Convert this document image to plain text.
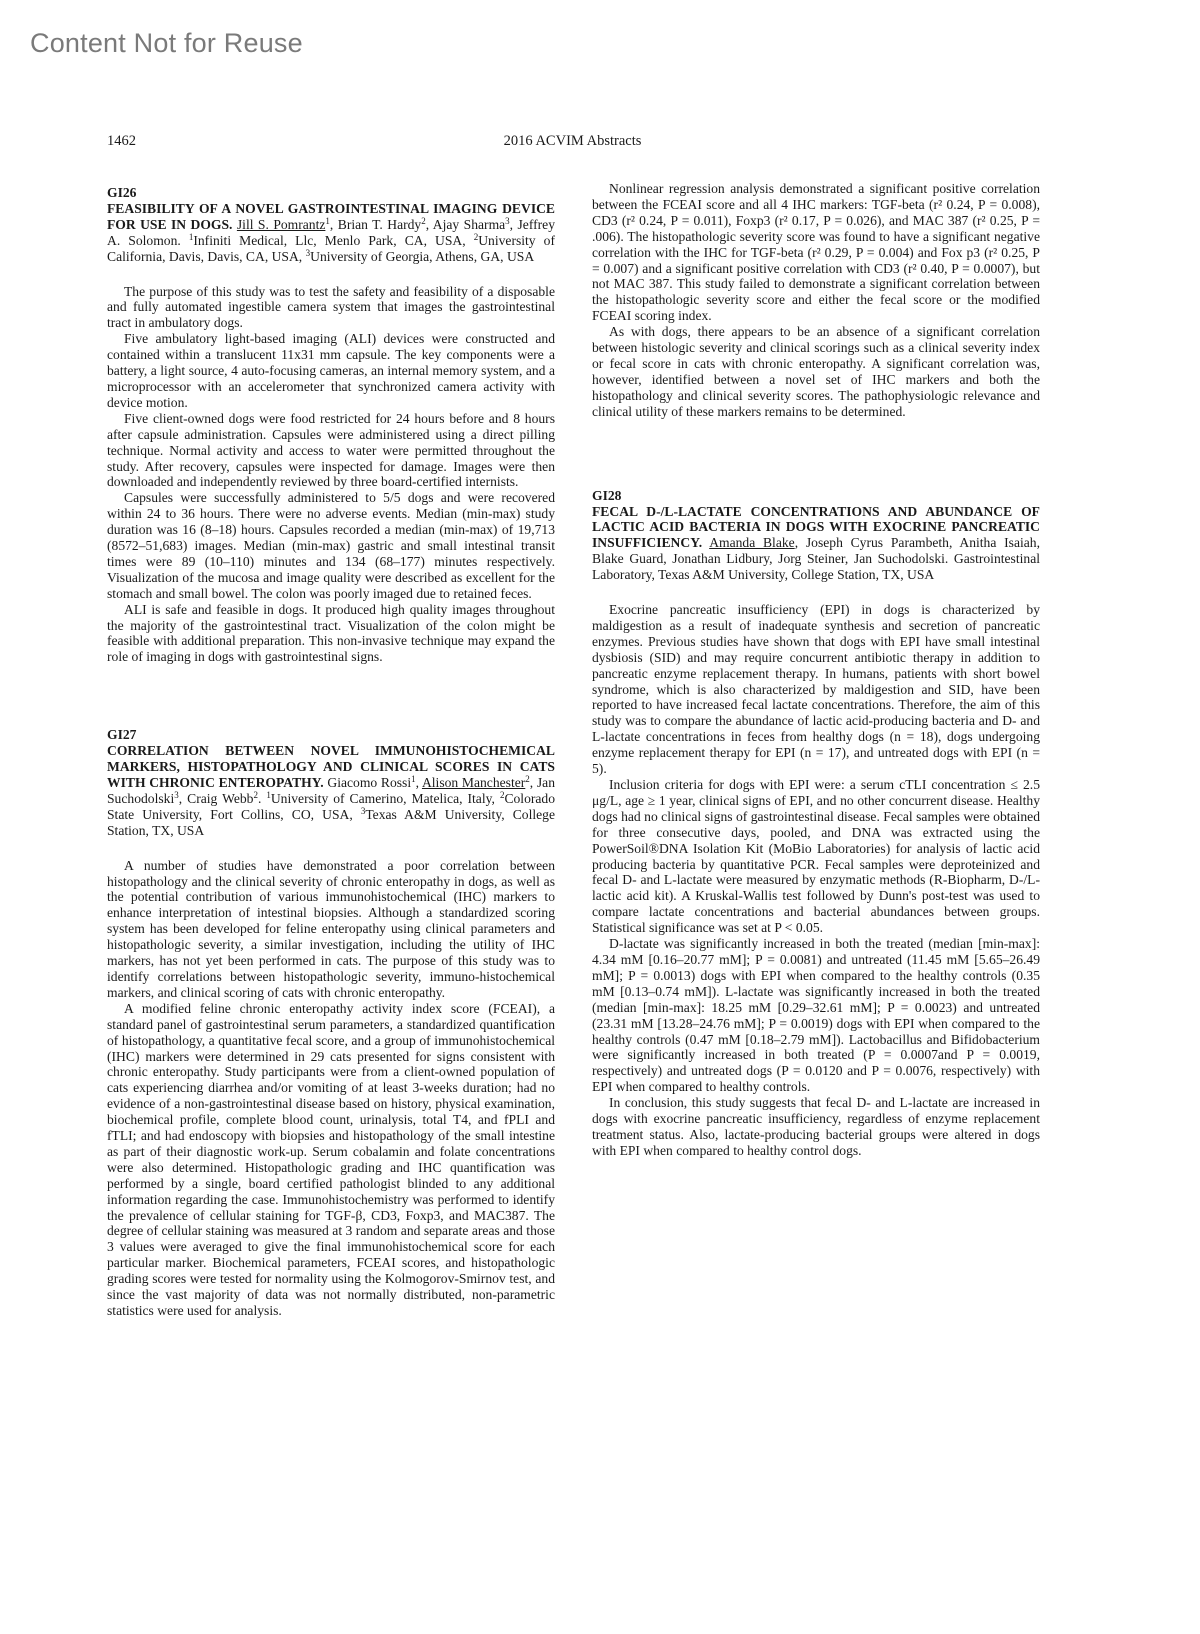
Content Not for Reuse
1462	2016 ACVIM Abstracts
GI26
FEASIBILITY OF A NOVEL GASTROINTESTINAL IMAGING DEVICE FOR USE IN DOGS. Jill S. Pomrantz$^1$, Brian T. Hardy$^2$, Ajay Sharma$^3$, Jeffrey A. Solomon. $^1$Infiniti Medical, Llc, Menlo Park, CA, USA, $^2$University of California, Davis, Davis, CA, USA, $^3$University of Georgia, Athens, GA, USA

The purpose of this study was to test the safety and feasibility of a disposable and fully automated ingestible camera system that images the gastrointestinal tract in ambulatory dogs.

Five ambulatory light-based imaging (ALI) devices were constructed and contained within a translucent 11x31 mm capsule. The key components were a battery, a light source, 4 auto-focusing cameras, an internal memory system, and a microprocessor with an accelerometer that synchronized camera activity with device motion.

Five client-owned dogs were food restricted for 24 hours before and 8 hours after capsule administration. Capsules were administered using a direct pilling technique. Normal activity and access to water were permitted throughout the study. After recovery, capsules were inspected for damage. Images were then downloaded and independently reviewed by three board-certified internists.

Capsules were successfully administered to 5/5 dogs and were recovered within 24 to 36 hours. There were no adverse events. Median (min-max) study duration was 16 (8–18) hours. Capsules recorded a median (min-max) of 19,713 (8572–51,683) images. Median (min-max) gastric and small intestinal transit times were 89 (10–110) minutes and 134 (68–177) minutes respectively. Visualization of the mucosa and image quality were described as excellent for the stomach and small bowel. The colon was poorly imaged due to retained feces.

ALI is safe and feasible in dogs. It produced high quality images throughout the majority of the gastrointestinal tract. Visualization of the colon might be feasible with additional preparation. This non-invasive technique may expand the role of imaging in dogs with gastrointestinal signs.

GI27
CORRELATION BETWEEN NOVEL IMMUNOHISTOCHEMICAL MARKERS, HISTOPATHOLOGY AND CLINICAL SCORES IN CATS WITH CHRONIC ENTEROPATHY. Giacomo Rossi$^1$, Alison Manchester$^2$, Jan Suchodolski$^3$, Craig Webb$^2$. $^1$University of Camerino, Matelica, Italy, $^2$Colorado State University, Fort Collins, CO, USA, $^3$Texas A&M University, College Station, TX, USA

A number of studies have demonstrated a poor correlation between histopathology and the clinical severity of chronic enteropathy in dogs, as well as the potential contribution of various immunohistochemical (IHC) markers to enhance interpretation of intestinal biopsies. Although a standardized scoring system has been developed for feline enteropathy using clinical parameters and histopathologic severity, a similar investigation, including the utility of IHC markers, has not yet been performed in cats. The purpose of this study was to identify correlations between histopathologic severity, immuno-histochemical markers, and clinical scoring of cats with chronic enteropathy.

A modified feline chronic enteropathy activity index score (FCEAI), a standard panel of gastrointestinal serum parameters, a standardized quantification of histopathology, a quantitative fecal score, and a group of immunohistochemical (IHC) markers were determined in 29 cats presented for signs consistent with chronic enteropathy. Study participants were from a client-owned population of cats experiencing diarrhea and/or vomiting of at least 3-weeks duration; had no evidence of a non-gastrointestinal disease based on history, physical examination, biochemical profile, complete blood count, urinalysis, total T4, and fPLI and fTLI; and had endoscopy with biopsies and histopathology of the small intestine as part of their diagnostic work-up. Serum cobalamin and folate concentrations were also determined. Histopathologic grading and IHC quantification was performed by a single, board certified pathologist blinded to any additional information regarding the case. Immunohistochemistry was performed to identify the prevalence of cellular staining for TGF-β, CD3, Foxp3, and MAC387. The degree of cellular staining was measured at 3 random and separate areas and those 3 values were averaged to give the final immunohistochemical score for each particular marker. Biochemical parameters, FCEAI scores, and histopathologic grading scores were tested for normality using the Kolmogorov-Smirnov test, and since the vast majority of data was not normally distributed, non-parametric statistics were used for analysis.

Nonlinear regression analysis demonstrated a significant positive correlation between the FCEAI score and all 4 IHC markers: TGF-beta (r² 0.24, P = 0.008), CD3 (r² 0.24, P = 0.011), Foxp3 (r² 0.17, P = 0.026), and MAC 387 (r² 0.25, P = .006). The histopathologic severity score was found to have a significant negative correlation with the IHC for TGF-beta (r² 0.29, P = 0.004) and Fox p3 (r² 0.25, P = 0.007) and a significant positive correlation with CD3 (r² 0.40, P = 0.0007), but not MAC 387. This study failed to demonstrate a significant correlation between the histopathologic severity score and either the fecal score or the modified FCEAI scoring index.

As with dogs, there appears to be an absence of a significant correlation between histologic severity and clinical scorings such as a clinical severity index or fecal score in cats with chronic enteropathy. A significant correlation was, however, identified between a novel set of IHC markers and both the histopathology and clinical severity scores. The pathophysiologic relevance and clinical utility of these markers remains to be determined.

GI28
FECAL D-/L-LACTATE CONCENTRATIONS AND ABUNDANCE OF LACTIC ACID BACTERIA IN DOGS WITH EXOCRINE PANCREATIC INSUFFICIENCY. Amanda Blake, Joseph Cyrus Parambeth, Anitha Isaiah, Blake Guard, Jonathan Lidbury, Jorg Steiner, Jan Suchodolski. Gastrointestinal Laboratory, Texas A&M University, College Station, TX, USA

Exocrine pancreatic insufficiency (EPI) in dogs is characterized by maldigestion as a result of inadequate synthesis and secretion of pancreatic enzymes. Previous studies have shown that dogs with EPI have small intestinal dysbiosis (SID) and may require concurrent antibiotic therapy in addition to pancreatic enzyme replacement therapy. In humans, patients with short bowel syndrome, which is also characterized by maldigestion and SID, have been reported to have increased fecal lactate concentrations. Therefore, the aim of this study was to compare the abundance of lactic acid-producing bacteria and D- and L-lactate concentrations in feces from healthy dogs (n = 18), dogs undergoing enzyme replacement therapy for EPI (n = 17), and untreated dogs with EPI (n = 5).

Inclusion criteria for dogs with EPI were: a serum cTLI concentration ≤ 2.5 μg/L, age ≥ 1 year, clinical signs of EPI, and no other concurrent disease. Healthy dogs had no clinical signs of gastrointestinal disease. Fecal samples were obtained for three consecutive days, pooled, and DNA was extracted using the PowerSoil®DNA Isolation Kit (MoBio Laboratories) for analysis of lactic acid producing bacteria by quantitative PCR. Fecal samples were deproteinized and fecal D- and L-lactate were measured by enzymatic methods (R-Biopharm, D-/L-lactic acid kit). A Kruskal-Wallis test followed by Dunn's post-test was used to compare lactate concentrations and bacterial abundances between groups. Statistical significance was set at P < 0.05.

D-lactate was significantly increased in both the treated (median [min-max]: 4.34 mM [0.16–20.77 mM]; P = 0.0081) and untreated (11.45 mM [5.65–26.49 mM]; P = 0.0013) dogs with EPI when compared to the healthy controls (0.35 mM [0.13–0.74 mM]). L-lactate was significantly increased in both the treated (median [min-max]: 18.25 mM [0.29–32.61 mM]; P = 0.0023) and untreated (23.31 mM [13.28–24.76 mM]; P = 0.0019) dogs with EPI when compared to the healthy controls (0.47 mM [0.18–2.79 mM]). Lactobacillus and Bifidobacterium were significantly increased in both treated (P = 0.0007and P = 0.0019, respectively) and untreated dogs (P = 0.0120 and P = 0.0076, respectively) with EPI when compared to healthy controls.

In conclusion, this study suggests that fecal D- and L-lactate are increased in dogs with exocrine pancreatic insufficiency, regardless of enzyme replacement treatment status. Also, lactate-producing bacterial groups were altered in dogs with EPI when compared to healthy control dogs.
